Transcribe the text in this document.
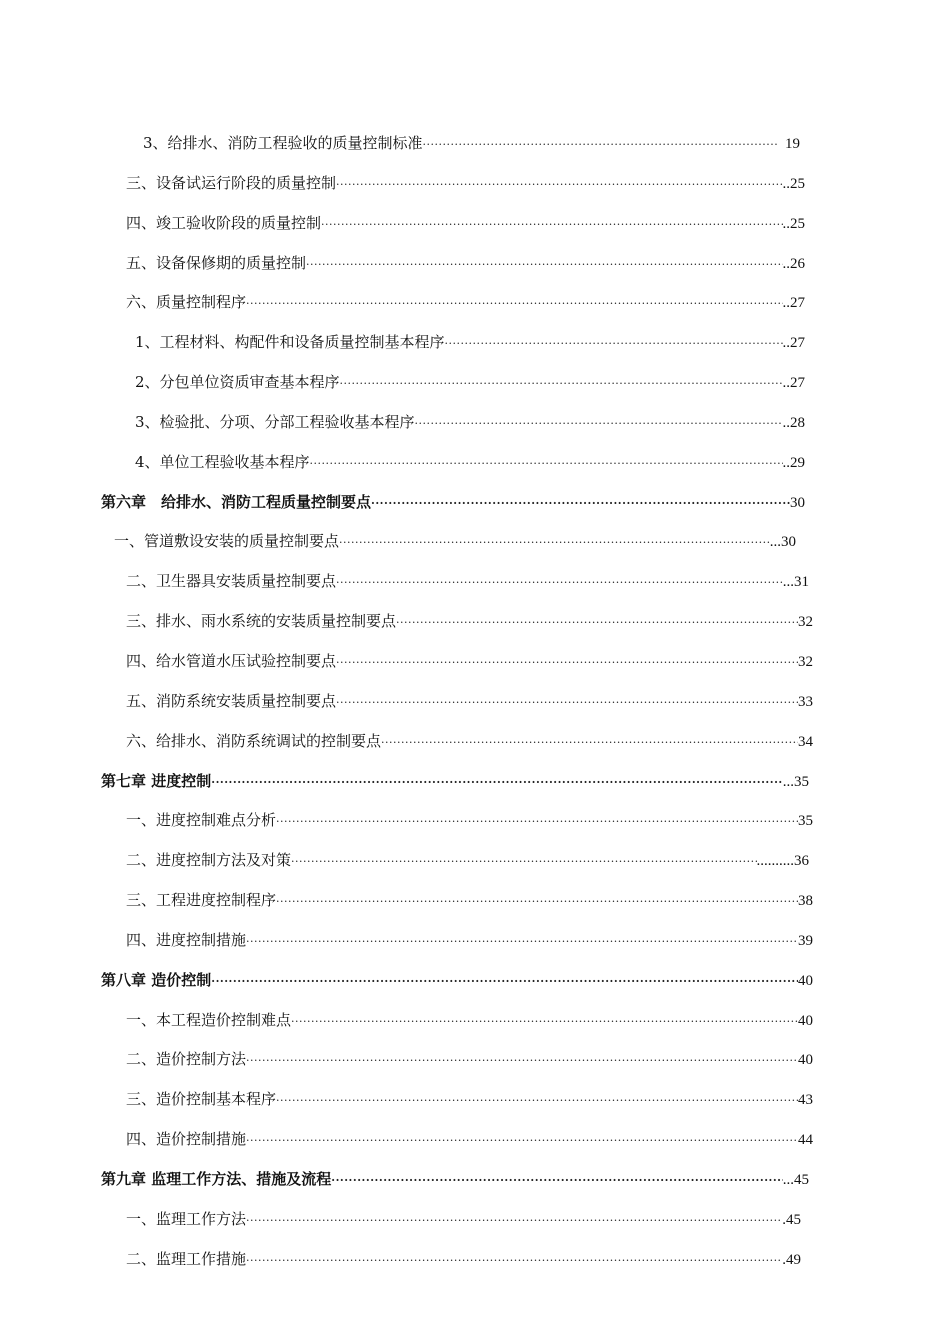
3、给排水、消防工程验收的质量控制标准 ·····	19
三、设备试运行阶段的质量控制 ·····	..25
四、竣工验收阶段的质量控制 ·····	..25
五、设备保修期的质量控制 ·····	..26
六、质量控制程序 ·····	..27
1、工程材料、构配件和设备质量控制基本程序 ·····	..27
2、分包单位资质审查基本程序 ·····	..27
3、检验批、分项、分部工程验收基本程序 ·····	..28
4、单位工程验收基本程序 ·····	..29
第六章　给排水、消防工程质量控制要点 ·····	30
一、管道敷设安装的质量控制要点 ·····	...30
二、卫生器具安装质量控制要点 ·····	...31
三、排水、雨水系统的安装质量控制要点 ·····	32
四、给水管道水压试验控制要点 ·····	32
五、消防系统安装质量控制要点 ·····	33
六、给排水、消防系统调试的控制要点 ·····	34
第七章 进度控制 ·····	...35
一、进度控制难点分析 ·····	35
二、进度控制方法及对策 ·····	..........36
三、工程进度控制程序 ·····	38
四、进度控制措施 ·····	39
第八章 造价控制 ·····	40
一、本工程造价控制难点 ·····	40
二、造价控制方法 ·····	40
三、造价控制基本程序 ·····	43
四、造价控制措施 ·····	44
第九章 监理工作方法、措施及流程 ·····	...45
一、监理工作方法 ·····	.45
二、监理工作措施 ·····	.49
